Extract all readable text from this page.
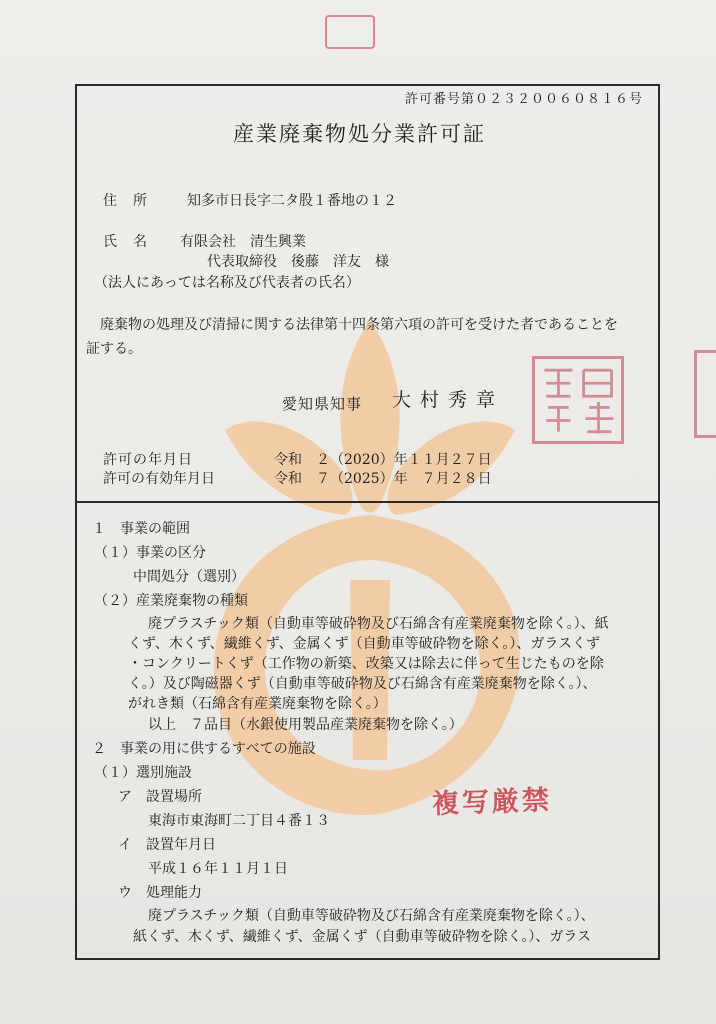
許可番号第０２３２００６０８１６号
産業廃棄物処分業許可証
住　所	知多市日長字二タ股１番地の１２
氏　名 有限会社　清生興業
代表取締役　後藤　洋友　様
（法人にあっては名称及び代表者の氏名）
廃棄物の処理及び清掃に関する法律第十四条第六項の許可を受けた者であることを
証する。
愛知県知事 大村秀章
許可の年月日	令和　２（2020）年１１月２７日
許可の有効年月日	令和　７（2025）年　７月２８日
１　事業の範囲
（１）事業の区分
中間処分（選別）
（２）産業廃棄物の種類
廃プラスチック類（自動車等破砕物及び石綿含有産業廃棄物を除く。）、紙
くず、木くず、繊維くず、金属くず（自動車等破砕物を除く。）、ガラスくず
・コンクリートくず（工作物の新築、改築又は除去に伴って生じたものを除
く。）及び陶磁器くず（自動車等破砕物及び石綿含有産業廃棄物を除く。）、
がれき類（石綿含有産業廃棄物を除く。）
以上　７品目（水銀使用製品産業廃棄物を除く。）
２　事業の用に供するすべての施設
（１）選別施設
ア　設置場所
東海市東海町二丁目４番１３
イ　設置年月日
平成１６年１１月１日
ウ　処理能力
廃プラスチック類（自動車等破砕物及び石綿含有産業廃棄物を除く。）、
紙くず、木くず、繊維くず、金属くず（自動車等破砕物を除く。）、ガラス
複写厳禁
